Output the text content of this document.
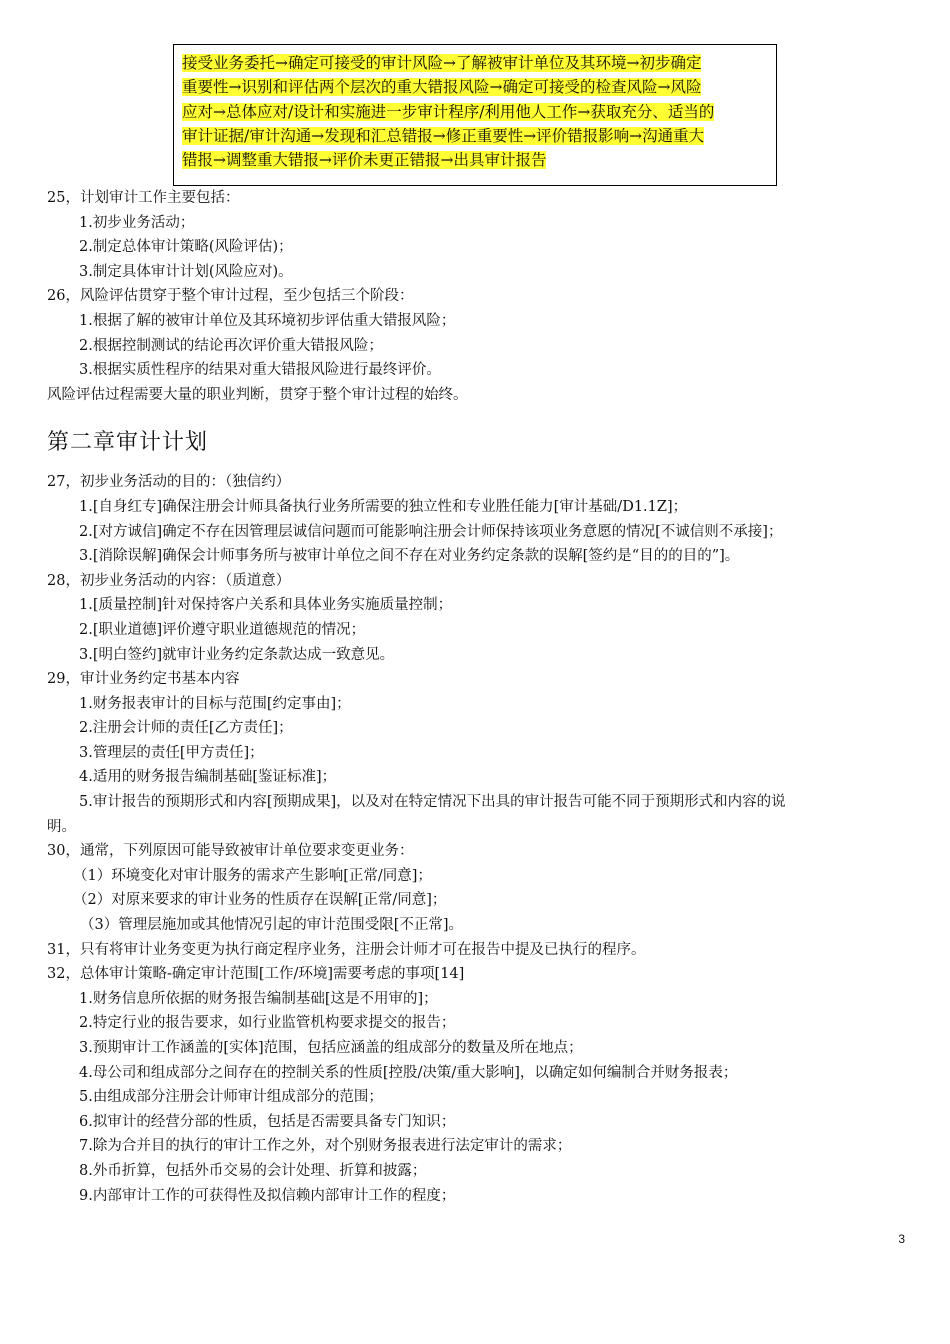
接受业务委托→确定可接受的审计风险→了解被审计单位及其环境→初步确定
重要性→识别和评估两个层次的重大错报风险→确定可接受的检查风险→风险
应对→总体应对/设计和实施进一步审计程序/利用他人工作→获取充分、适当的
审计证据/审计沟通→发现和汇总错报→修正重要性→评价错报影响→沟通重大
错报→调整重大错报→评价未更正错报→出具审计报告
25，计划审计工作主要包括：
1.初步业务活动；
2.制定总体审计策略(风险评估)；
3.制定具体审计计划(风险应对)。
26，风险评估贯穿于整个审计过程，至少包括三个阶段：
1.根据了解的被审计单位及其环境初步评估重大错报风险；
2.根据控制测试的结论再次评价重大错报风险；
3.根据实质性程序的结果对重大错报风险进行最终评价。
风险评估过程需要大量的职业判断，贯穿于整个审计过程的始终。
第二章审计计划
27，初步业务活动的目的：（独信约）
1.[自身红专]确保注册会计师具备执行业务所需要的独立性和专业胜任能力[审计基础/D1.1Z]；
2.[对方诚信]确定不存在因管理层诚信问题而可能影响注册会计师保持该项业务意愿的情况[不诚信则不承接]；
3.[消除误解]确保会计师事务所与被审计单位之间不存在对业务约定条款的误解[签约是“目的的目的”]。
28，初步业务活动的内容：（质道意）
1.[质量控制]针对保持客户关系和具体业务实施质量控制；
2.[职业道德]评价遵守职业道德规范的情况；
3.[明白签约]就审计业务约定条款达成一致意见。
29，审计业务约定书基本内容
1.财务报表审计的目标与范围[约定事由]；
2.注册会计师的责任[乙方责任]；
3.管理层的责任[甲方责任]；
4.适用的财务报告编制基础[鉴证标准]；
5.审计报告的预期形式和内容[预期成果]，以及对在特定情况下出具的审计报告可能不同于预期形式和内容的说
明。
30，通常，下列原因可能导致被审计单位要求变更业务：
（1）环境变化对审计服务的需求产生影响[正常/同意]；
（2）对原来要求的审计业务的性质存在误解[正常/同意]；
（3）管理层施加或其他情况引起的审计范围受限[不正常]。
31，只有将审计业务变更为执行商定程序业务，注册会计师才可在报告中提及已执行的程序。
32，总体审计策略-确定审计范围[工作/环境]需要考虑的事项[14]
1.财务信息所依据的财务报告编制基础[这是不用审的]；
2.特定行业的报告要求，如行业监管机构要求提交的报告；
3.预期审计工作涵盖的[实体]范围，包括应涵盖的组成部分的数量及所在地点；
4.母公司和组成部分之间存在的控制关系的性质[控股/决策/重大影响]，以确定如何编制合并财务报表；
5.由组成部分注册会计师审计组成部分的范围；
6.拟审计的经营分部的性质，包括是否需要具备专门知识；
7.除为合并目的执行的审计工作之外，对个别财务报表进行法定审计的需求；
8.外币折算，包括外币交易的会计处理、折算和披露；
9.内部审计工作的可获得性及拟信赖内部审计工作的程度；
3
